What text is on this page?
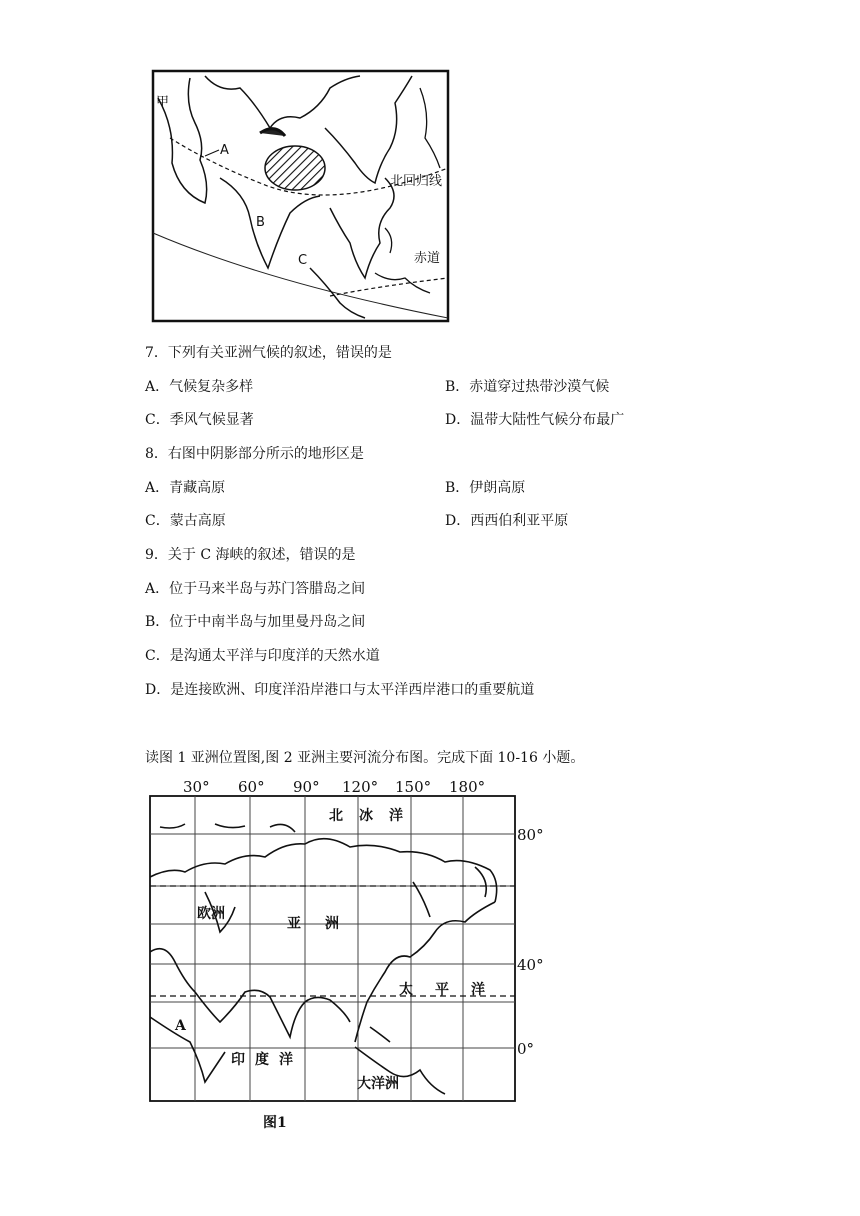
甲
A
B
C
北回归线
赤道
7．下列有关亚洲气候的叙述，错误的是
A．气候复杂多样	B．赤道穿过热带沙漠气候
C．季风气候显著	D．温带大陆性气候分布最广
8．右图中阴影部分所示的地形区是
A．青藏高原	B．伊朗高原
C．蒙古高原	D．西西伯利亚平原
9．关于 C 海峡的叙述，错误的是
A．位于马来半岛与苏门答腊岛之间
B．位于中南半岛与加里曼丹岛之间
C．是沟通太平洋与印度洋的天然水道
D．是连接欧洲、印度洋沿岸港口与太平洋西岸港口的重要航道
读图 1 亚洲位置图,图 2 亚洲主要河流分布图。完成下面 10-16 小题。
30° 60° 90° 120° 150° 180°
80°
40°
0°
北 冰 洋
欧洲
亚 洲
太 平 洋
A
印 度 洋
大洋洲
图1
